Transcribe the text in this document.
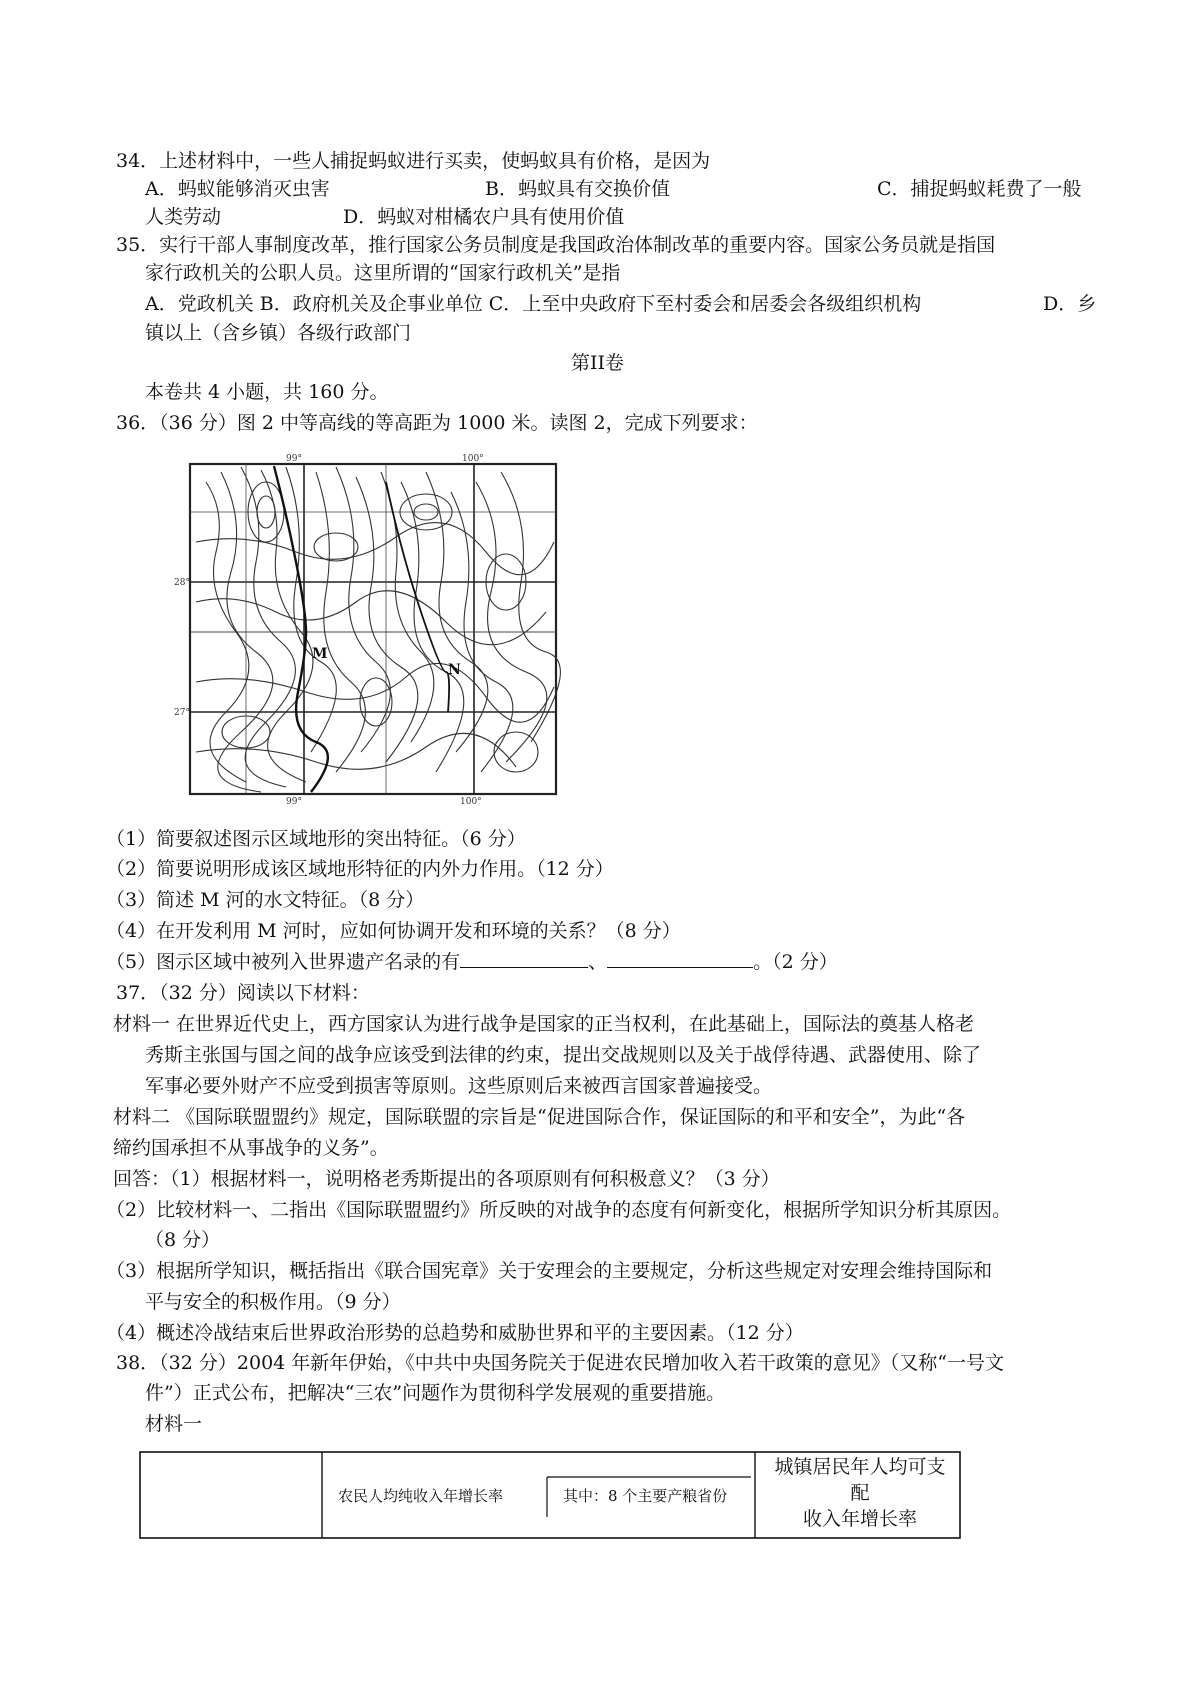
34．上述材料中，一些人捕捉蚂蚁进行买卖，使蚂蚁具有价格，是因为
A．蚂蚁能够消灭虫害	B．蚂蚁具有交换价值	C．捕捉蚂蚁耗费了一般
人类劳动	D．蚂蚁对柑橘农户具有使用价值
35．实行干部人事制度改革，推行国家公务员制度是我国政治体制改革的重要内容。国家公务员就是指国
家行政机关的公职人员。这里所谓的“国家行政机关”是指
A．党政机关 B．政府机关及企事业单位 C．上至中央政府下至村委会和居委会各级组织机构	D．乡
镇以上（含乡镇）各级行政部门
第II卷
本卷共 4 小题，共 160 分。
36．（36 分）图 2 中等高线的等高距为 1000 米。读图 2，完成下列要求：
99°	100°
28°
27°
99°	100°
M
N
（1）简要叙述图示区域地形的突出特征。（6 分）
（2）简要说明形成该区域地形特征的内外力作用。（12 分）
（3）简述 M 河的水文特征。（8 分）
（4）在开发利用 M 河时，应如何协调开发和环境的关系？（8 分）
（5）图示区域中被列入世界遗产名录的有	、	。（2 分）
37．（32 分）阅读以下材料：
材料一 在世界近代史上，西方国家认为进行战争是国家的正当权利，在此基础上，国际法的奠基人格老
秀斯主张国与国之间的战争应该受到法律的约束，提出交战规则以及关于战俘待遇、武器使用、除了
军事必要外财产不应受到损害等原则。这些原则后来被西言国家普遍接受。
材料二 《国际联盟盟约》规定，国际联盟的宗旨是“促进国际合作，保证国际的和平和安全”，为此“各
缔约国承担不从事战争的义务”。
回答：（1）根据材料一，说明格老秀斯提出的各项原则有何积极意义？（3 分）
（2）比较材料一、二指出《国际联盟盟约》所反映的对战争的态度有何新变化，根据所学知识分析其原因。
（8 分）
（3）根据所学知识，概括指出《联合国宪章》关于安理会的主要规定，分析这些规定对安理会维持国际和
平与安全的积极作用。（9 分）
（4）概述冷战结束后世界政治形势的总趋势和威胁世界和平的主要因素。（12 分）
38．（32 分）2004 年新年伊始，《中共中央国务院关于促进农民增加收入若干政策的意见》（又称“一号文
件”）正式公布，把解决“三农”问题作为贯彻科学发展观的重要措施。
材料一
农民人均纯收入年增长率	其中：8 个主要产粮省份
城镇居民年人均可支
配
收入年增长率
